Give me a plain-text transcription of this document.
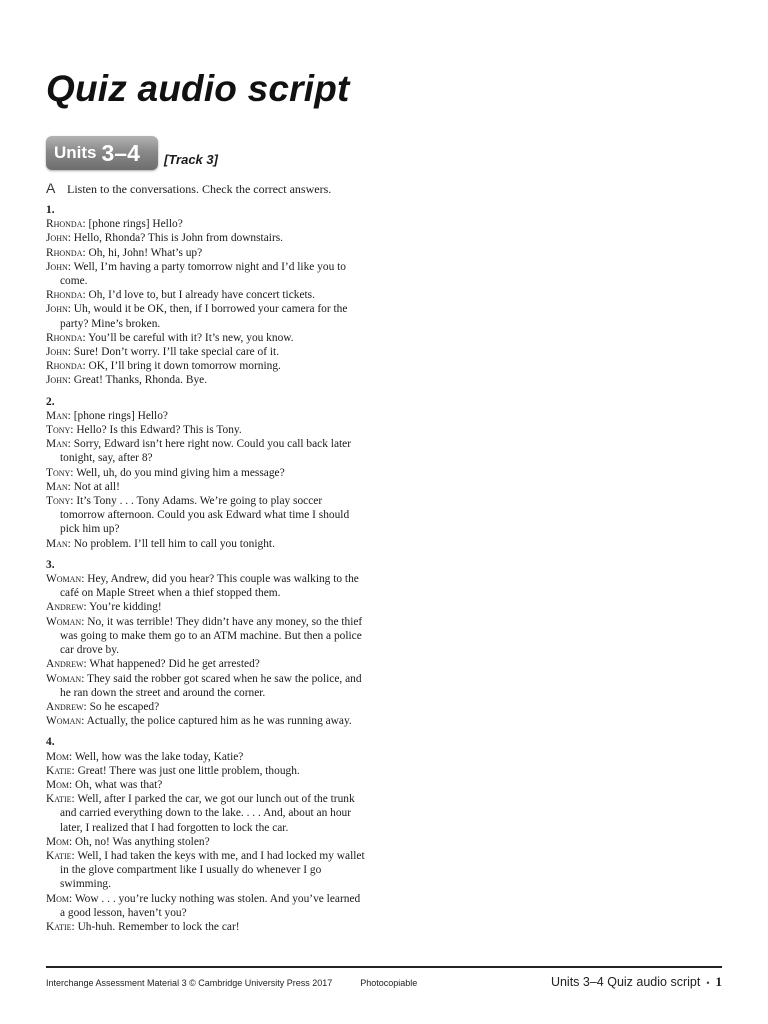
Quiz audio script
Units 3–4 [Track 3]
A Listen to the conversations. Check the correct answers.
1.
Rhonda: [phone rings] Hello?
John: Hello, Rhonda? This is John from downstairs.
Rhonda: Oh, hi, John! What’s up?
John: Well, I’m having a party tomorrow night and I’d like you to come.
Rhonda: Oh, I’d love to, but I already have concert tickets.
John: Uh, would it be OK, then, if I borrowed your camera for the party? Mine’s broken.
Rhonda: You’ll be careful with it? It’s new, you know.
John: Sure! Don’t worry. I’ll take special care of it.
Rhonda: OK, I’ll bring it down tomorrow morning.
John: Great! Thanks, Rhonda. Bye.
2.
Man: [phone rings] Hello?
Tony: Hello? Is this Edward? This is Tony.
Man: Sorry, Edward isn’t here right now. Could you call back later tonight, say, after 8?
Tony: Well, uh, do you mind giving him a message?
Man: Not at all!
Tony: It’s Tony . . . Tony Adams. We’re going to play soccer tomorrow afternoon. Could you ask Edward what time I should pick him up?
Man: No problem. I’ll tell him to call you tonight.
3.
Woman: Hey, Andrew, did you hear? This couple was walking to the café on Maple Street when a thief stopped them.
Andrew: You’re kidding!
Woman: No, it was terrible! They didn’t have any money, so the thief was going to make them go to an ATM machine. But then a police car drove by.
Andrew: What happened? Did he get arrested?
Woman: They said the robber got scared when he saw the police, and he ran down the street and around the corner.
Andrew: So he escaped?
Woman: Actually, the police captured him as he was running away.
4.
Mom: Well, how was the lake today, Katie?
Katie: Great! There was just one little problem, though.
Mom: Oh, what was that?
Katie: Well, after I parked the car, we got our lunch out of the trunk and carried everything down to the lake. . . . And, about an hour later, I realized that I had forgotten to lock the car.
Mom: Oh, no! Was anything stolen?
Katie: Well, I had taken the keys with me, and I had locked my wallet in the glove compartment like I usually do whenever I go swimming.
Mom: Wow . . . you’re lucky nothing was stolen. And you’ve learned a good lesson, haven’t you?
Katie: Uh-huh. Remember to lock the car!
Interchange Assessment Material 3 © Cambridge University Press 2017	Photocopiable	Units 3–4 Quiz audio script • 1
